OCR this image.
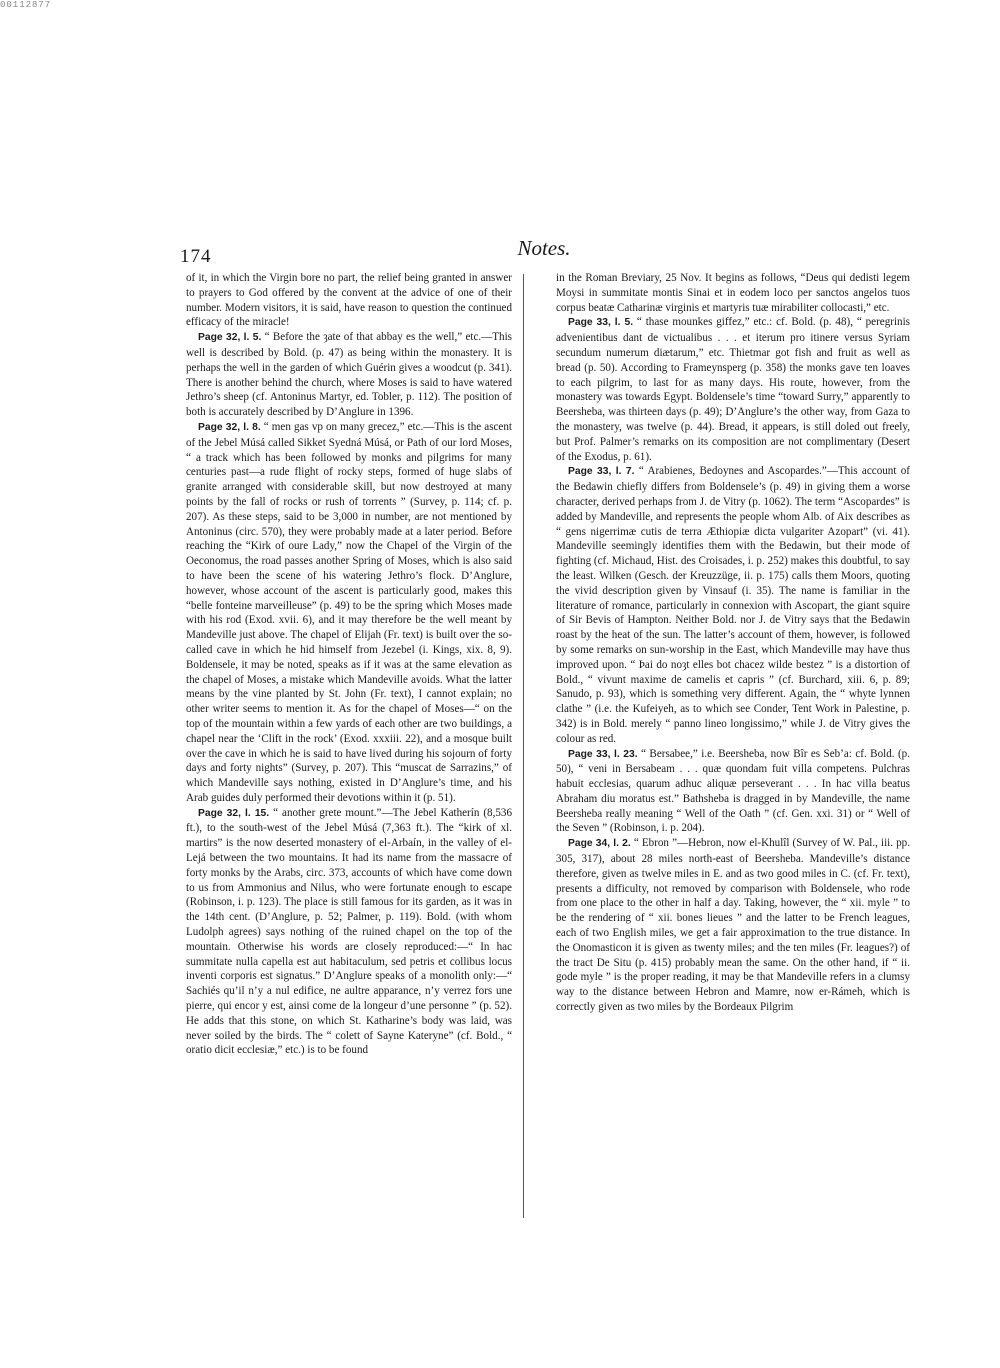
00112877
174	Notes.

of it, in which the Virgin bore no part, the relief being granted in answer to prayers to God offered by the convent at the advice of one of their number. Modern visitors, it is said, have reason to question the continued efficacy of the miracle!

Page 32, l. 5. “ Before the ȝate of that abbay es the well,” etc.—This well is described by Bold. (p. 47) as being within the monastery. It is perhaps the well in the garden of which Guérin gives a woodcut (p. 341). There is another behind the church, where Moses is said to have watered Jethro’s sheep (cf. Antoninus Martyr, ed. Tobler, p. 112). The position of both is accurately described by D’Anglure in 1396.

Page 32, l. 8. “ men gas vp on many grecez,” etc.—This is the ascent of the Jebel Músá called Sikket Syedná Músá, or Path of our lord Moses, “ a track which has been followed by monks and pilgrims for many centuries past—a rude flight of rocky steps, formed of huge slabs of granite arranged with considerable skill, but now destroyed at many points by the fall of rocks or rush of torrents ” (Survey, p. 114; cf. p. 207). As these steps, said to be 3,000 in number, are not mentioned by Antoninus (circ. 570), they were probably made at a later period. Before reaching the “Kirk of oure Lady,” now the Chapel of the Virgin of the Oeconomus, the road passes another Spring of Moses, which is also said to have been the scene of his watering Jethro’s flock. D’Anglure, however, whose account of the ascent is particularly good, makes this “belle fonteine marveilleuse” (p. 49) to be the spring which Moses made with his rod (Exod. xvii. 6), and it may therefore be the well meant by Mandeville just above. The chapel of Elijah (Fr. text) is built over the so-called cave in which he hid himself from Jezebel (i. Kings, xix. 8, 9). Boldensele, it may be noted, speaks as if it was at the same elevation as the chapel of Moses, a mistake which Mandeville avoids. What the latter means by the vine planted by St. John (Fr. text), I cannot explain; no other writer seems to mention it. As for the chapel of Moses—“ on the top of the mountain within a few yards of each other are two buildings, a chapel near the ‘Clift in the rock’ (Exod. xxxiii. 22), and a mosque built over the cave in which he is said to have lived during his sojourn of forty days and forty nights” (Survey, p. 207). This “muscat de Sarrazins,” of which Mandeville says nothing, existed in D’Anglure’s time, and his Arab guides duly performed their devotions within it (p. 51).

Page 32, l. 15. “ another grete mount.”—The Jebel Katherín (8,536 ft.), to the south-west of the Jebel Músá (7,363 ft.). The “kirk of xl. martirs” is the now deserted monastery of el-Arbaín, in the valley of el-Lejá between the two mountains. It had its name from the massacre of forty monks by the Arabs, circ. 373, accounts of which have come down to us from Ammonius and Nilus, who were fortunate enough to escape (Robinson, i. p. 123). The place is still famous for its garden, as it was in the 14th cent. (D’Anglure, p. 52; Palmer, p. 119). Bold. (with whom Ludolph agrees) says nothing of the ruined chapel on the top of the mountain. Otherwise his words are closely reproduced:—“ In hac summitate nulla capella est aut habitaculum, sed petris et collibus locus inventi corporis est signatus.” D’Anglure speaks of a monolith only:—“ Sachiés qu’il n’y a nul edifice, ne aultre apparance, n’y verrez fors une pierre, qui encor y est, ainsi come de la longeur d’une personne ” (p. 52). He adds that this stone, on which St. Katharine’s body was laid, was never soiled by the birds. The “ colett of Sayne Kateryne” (cf. Bold., “ oratio dicit ecclesiæ,” etc.) is to be found

in the Roman Breviary, 25 Nov. It begins as follows, “Deus qui dedisti legem Moysi in summitate montis Sinai et in eodem loco per sanctos angelos tuos corpus beatæ Catharinæ virginis et martyris tuæ mirabiliter collocasti,” etc.

Page 33, l. 5. “ thase mounkes giffez,” etc.: cf. Bold. (p. 48), “ peregrinis advenientibus dant de victualibus . . . et iterum pro itinere versus Syriam secundum numerum diætarum,” etc. Thietmar got fish and fruit as well as bread (p. 50). According to Frameynsperg (p. 358) the monks gave ten loaves to each pilgrim, to last for as many days. His route, however, from the monastery was towards Egypt. Boldensele’s time “toward Surry,” apparently to Beersheba, was thirteen days (p. 49); D’Anglure’s the other way, from Gaza to the monastery, was twelve (p. 44). Bread, it appears, is still doled out freely, but Prof. Palmer’s remarks on its composition are not complimentary (Desert of the Exodus, p. 61).

Page 33, l. 7. “ Arabienes, Bedoynes and Ascopardes.”—This account of the Bedawin chiefly differs from Boldensele’s (p. 49) in giving them a worse character, derived perhaps from J. de Vitry (p. 1062). The term “Ascopardes” is added by Mandeville, and represents the people whom Alb. of Aix describes as “ gens nigerrimæ cutis de terra Æthiopiæ dicta vulgariter Azopart” (vi. 41). Mandeville seemingly identifies them with the Bedawin, but their mode of fighting (cf. Michaud, Hist. des Croisades, i. p. 252) makes this doubtful, to say the least. Wilken (Gesch. der Kreuzzüge, ii. p. 175) calls them Moors, quoting the vivid description given by Vinsauf (i. 35). The name is familiar in the literature of romance, particularly in connexion with Ascopart, the giant squire of Sir Bevis of Hampton. Neither Bold. nor J. de Vitry says that the Bedawin roast by the heat of the sun. The latter’s account of them, however, is followed by some remarks on sun-worship in the East, which Mandeville may have thus improved upon. “ Þai do noȝt elles bot chacez wilde bestez ” is a distortion of Bold., “ vivunt maxime de camelis et capris ” (cf. Burchard, xiii. 6, p. 89; Sanudo, p. 93), which is something very different. Again, the “ whyte lynnen clathe ” (i.e. the Kufeiyeh, as to which see Conder, Tent Work in Palestine, p. 342) is in Bold. merely “ panno lineo longissimo,” while J. de Vitry gives the colour as red.

Page 33, l. 23. “ Bersabee,” i.e. Beersheba, now Bîr es Seb’a: cf. Bold. (p. 50), “ veni in Bersabeam . . . quæ quondam fuit villa competens. Pulchras habuit ecclesias, quarum adhuc aliquæ perseverant . . . In hac villa beatus Abraham diu moratus est.” Bathsheba is dragged in by Mandeville, the name Beersheba really meaning “ Well of the Oath ” (cf. Gen. xxi. 31) or “ Well of the Seven ” (Robinson, i. p. 204).

Page 34, l. 2. “ Ebron ”—Hebron, now el-Khulîl (Survey of W. Pal., iii. pp. 305, 317), about 28 miles north-east of Beersheba. Mandeville’s distance therefore, given as twelve miles in E. and as two good miles in C. (cf. Fr. text), presents a difficulty, not removed by comparison with Boldensele, who rode from one place to the other in half a day. Taking, however, the “ xii. myle ” to be the rendering of “ xii. bones lieues ” and the latter to be French leagues, each of two English miles, we get a fair approximation to the true distance. In the Onomasticon it is given as twenty miles; and the ten miles (Fr. leagues?) of the tract De Situ (p. 415) probably mean the same. On the other hand, if “ ii. gode myle ” is the proper reading, it may be that Mandeville refers in a clumsy way to the distance between Hebron and Mamre, now er-Rámeh, which is correctly given as two miles by the Bordeaux Pilgrim
